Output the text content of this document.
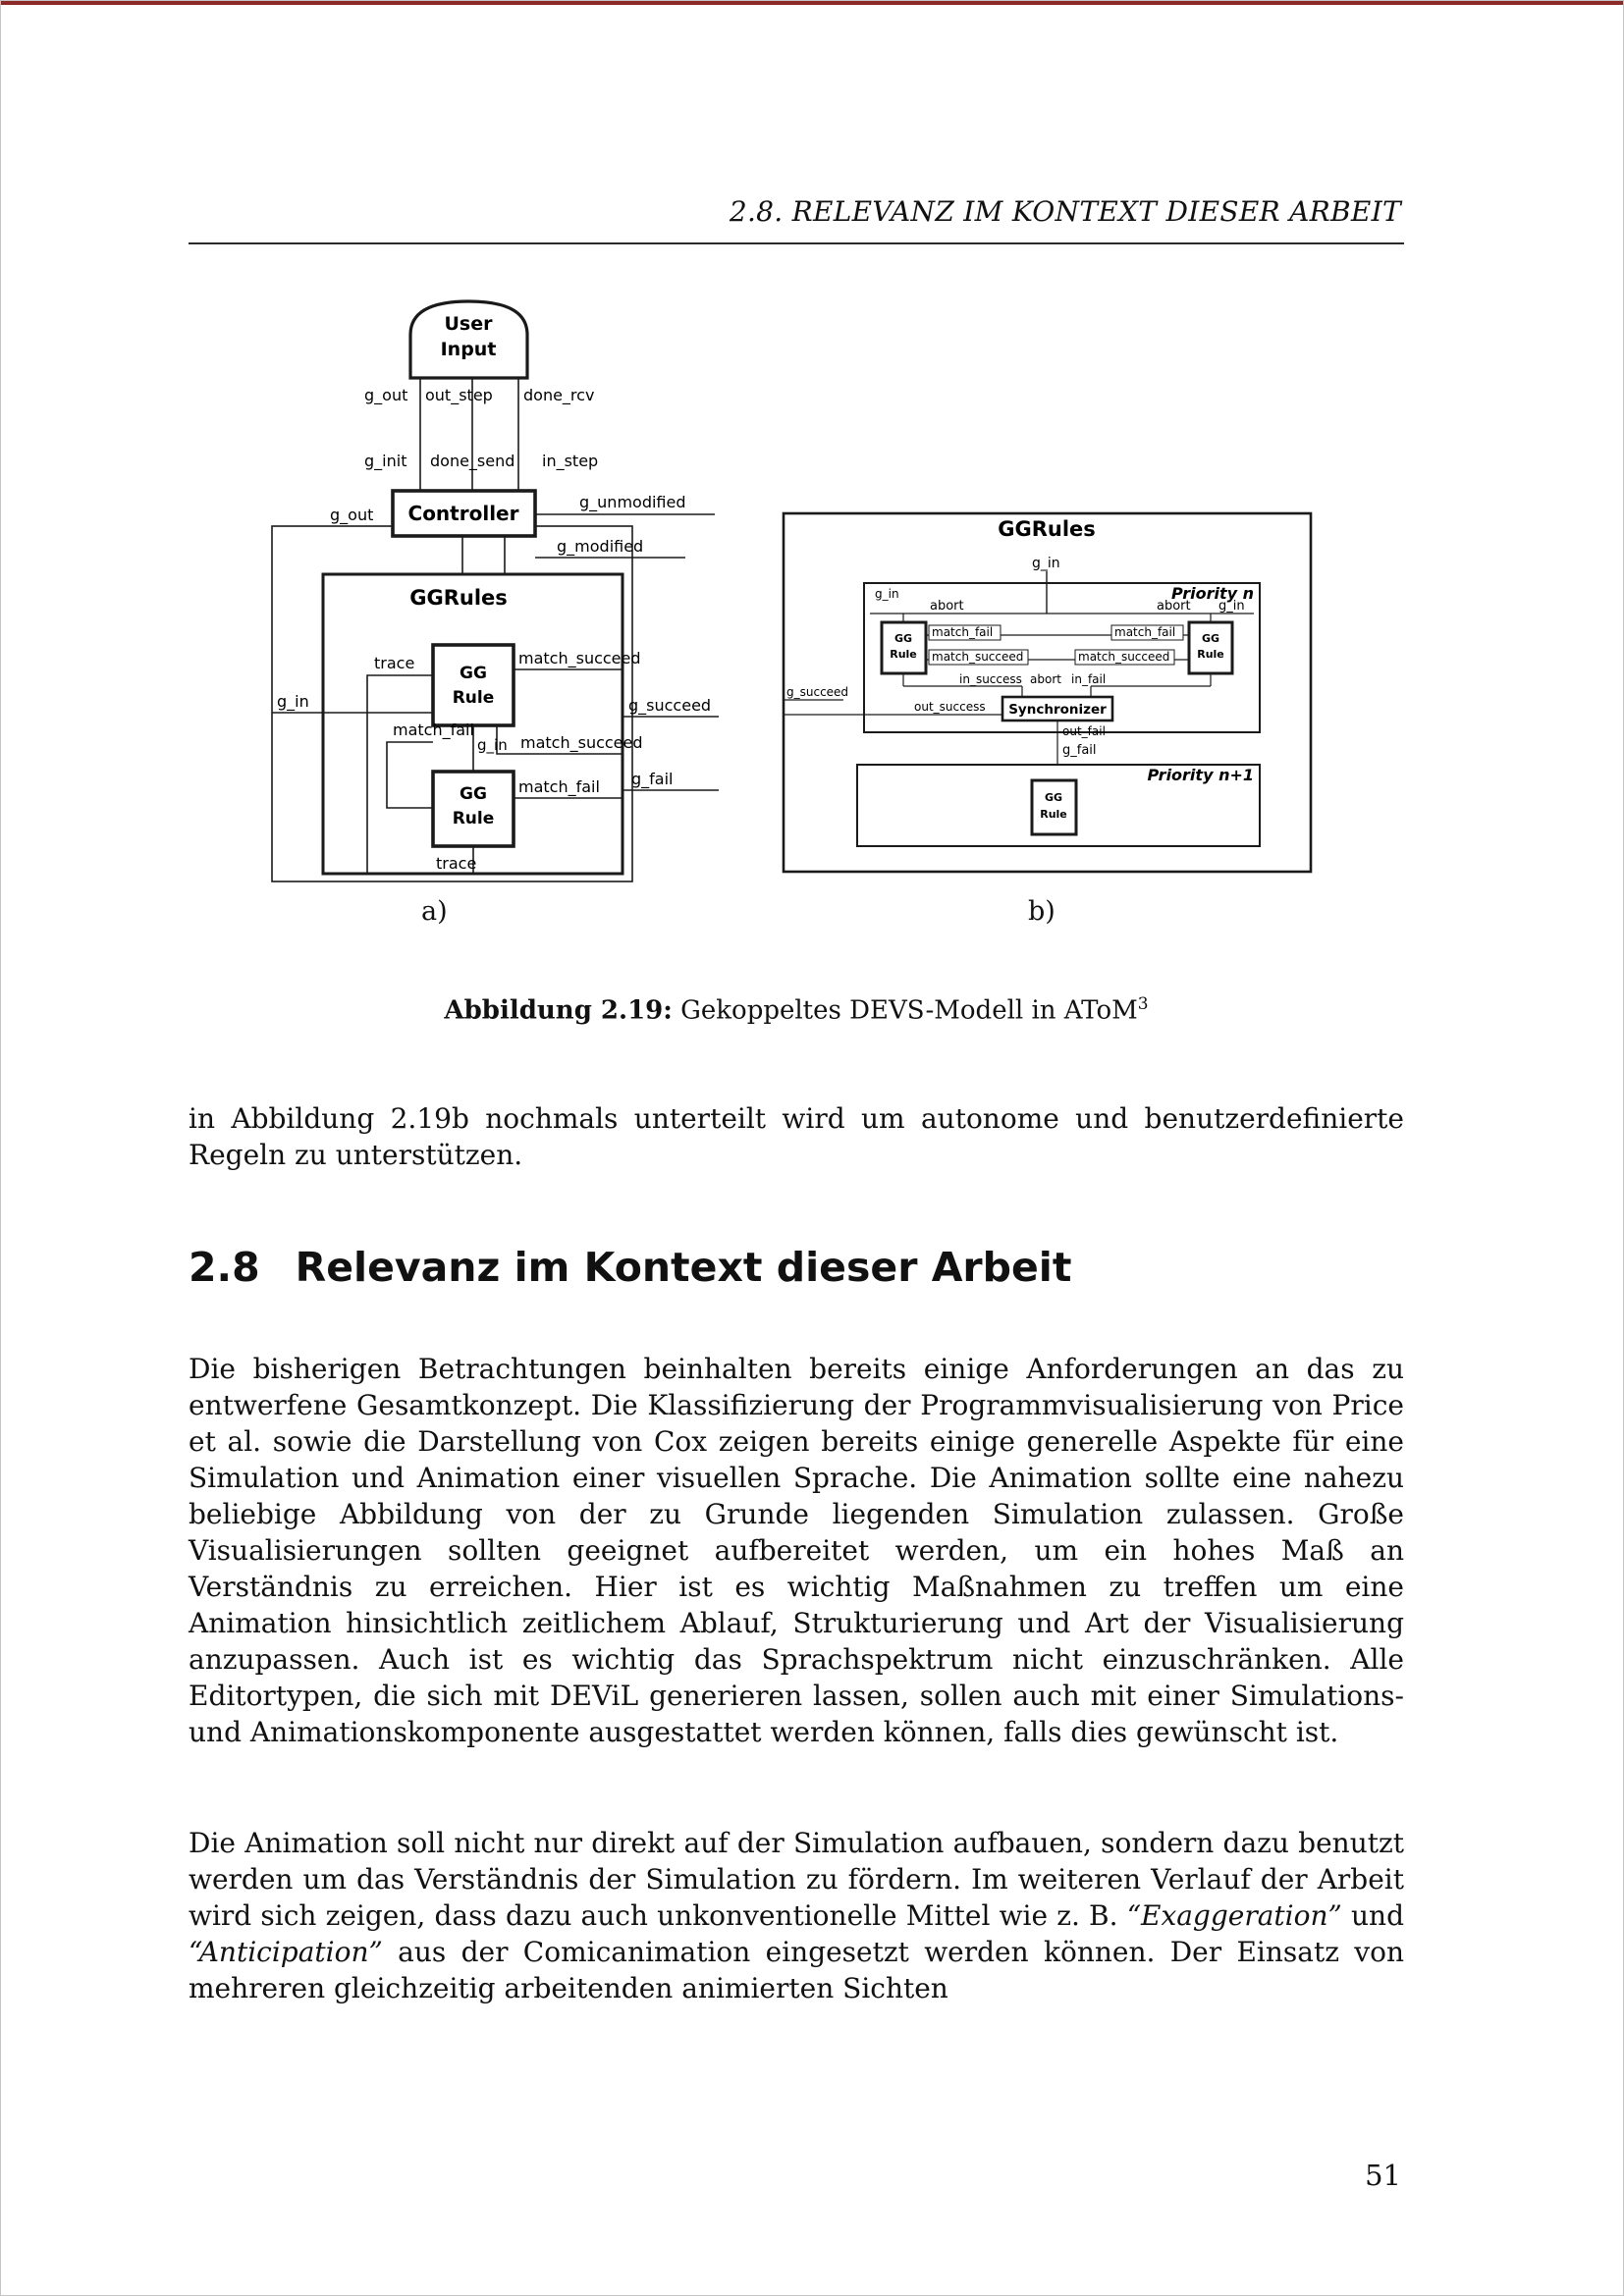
2.8. RELEVANZ IM KONTEXT DIESER ARBEIT
User
Input
g_out out_step done_rcv
g_init done_send in_step
Controller
g_out
g_unmodified
g_modified
GGRules
trace	match_succeed
g_in
GG
Rule
match_fail
g_succeed
g_in match_succeed
GG
Rule
match_fail g_fail
trace
GGRules
g_in
Priority n
g_in
abort	abort g_in
GG
Rule
GG
Rule
match_fail	match_fail
match_succeed	match_succeed
in_success abort in_fail
g_succeed
out_success Synchronizer
out_fail
g_fail
Priority n+1
GG
Rule
a)	b)
Abbildung 2.19: Gekoppeltes DEVS-Modell in AToM$^3$

in Abbildung 2.19b nochmals unterteilt wird um autonome und benutzerdefinierte Regeln zu unterstützen.

2.8 Relevanz im Kontext dieser Arbeit

Die bisherigen Betrachtungen beinhalten bereits einige Anforderungen an das zu entwerfene Gesamtkonzept. Die Klassifizierung der Programmvisualisierung von Price et al. sowie die Darstellung von Cox zeigen bereits einige generelle Aspekte für eine Simulation und Animation einer visuellen Sprache. Die Animation sollte eine nahezu beliebige Abbildung von der zu Grunde liegenden Simulation zulassen. Große Visualisierungen sollten geeignet aufbereitet werden, um ein hohes Maß an Verständnis zu erreichen. Hier ist es wichtig Maßnahmen zu treffen um eine Animation hinsichtlich zeitlichem Ablauf, Strukturierung und Art der Visualisierung anzupassen. Auch ist es wichtig das Sprachspektrum nicht einzuschränken. Alle Editortypen, die sich mit DEViL generieren lassen, sollen auch mit einer Simulations- und Animationskomponente ausgestattet werden können, falls dies gewünscht ist.

Die Animation soll nicht nur direkt auf der Simulation aufbauen, sondern dazu benutzt werden um das Verständnis der Simulation zu fördern. Im weiteren Verlauf der Arbeit wird sich zeigen, dass dazu auch unkonventionelle Mittel wie z. B. “Exaggeration” und “Anticipation” aus der Comicanimation eingesetzt werden können. Der Einsatz von mehreren gleichzeitig arbeitenden animierten Sichten

51
